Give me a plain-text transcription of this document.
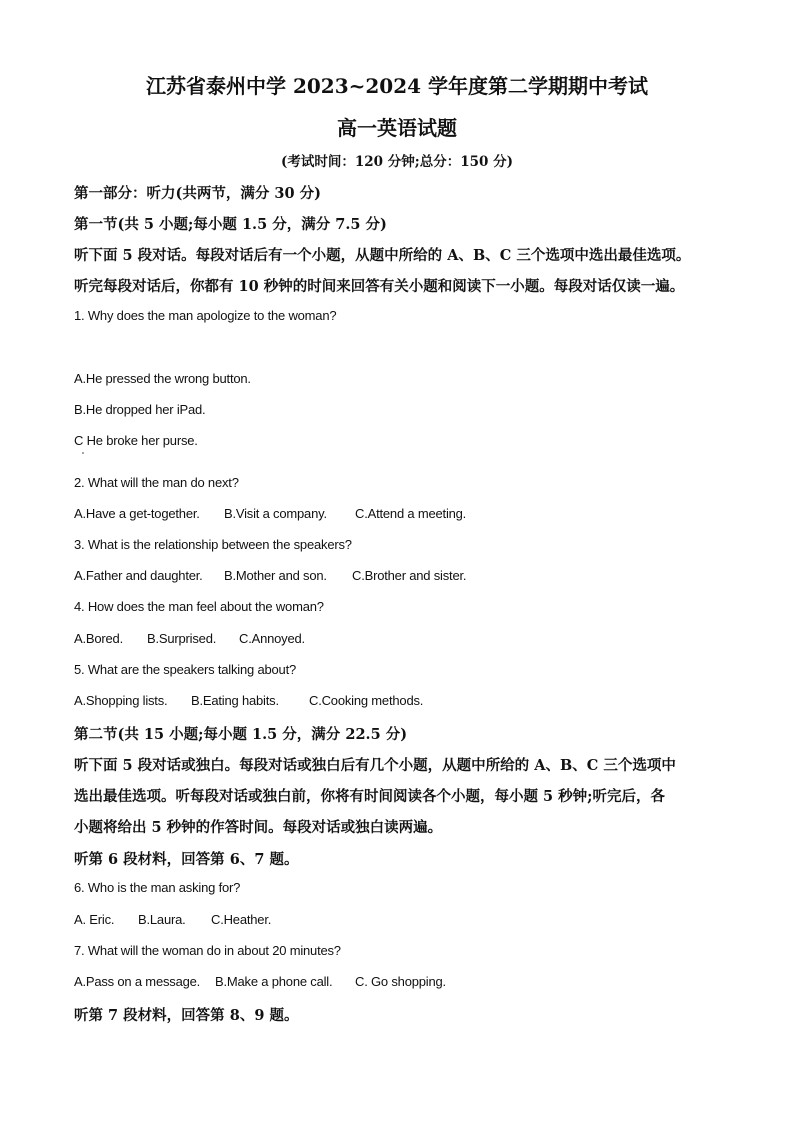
江苏省泰州中学 2023~2024 学年度第二学期期中考试
高一英语试题
(考试时间：120 分钟;总分：150 分)
第一部分：听力(共两节，满分 30 分)
第一节(共 5 小题;每小题 1.5 分，满分 7.5 分)
听下面 5 段对话。每段对话后有一个小题，从题中所给的 A、B、C 三个选项中选出最佳选项。
听完每段对话后，你都有 10 秒钟的时间来回答有关小题和阅读下一小题。每段对话仅读一遍。
1. Why does the man apologize to the woman?
A.He pressed the wrong button.
B.He dropped her iPad.
C He broke her purse.
2. What will the man do next?
A.Have a get-together. B.Visit a company. C.Attend a meeting.
3. What is the relationship between the speakers?
A.Father and daughter. B.Mother and son. C.Brother and sister.
4. How does the man feel about the woman?
A.Bored. B.Surprised. C.Annoyed.
5. What are the speakers talking about?
A.Shopping lists. B.Eating habits. C.Cooking methods.
第二节(共 15 小题;每小题 1.5 分，满分 22.5 分)
听下面 5 段对话或独白。每段对话或独白后有几个小题，从题中所给的 A、B、C 三个选项中
选出最佳选项。听每段对话或独白前，你将有时间阅读各个小题，每小题 5 秒钟;听完后，各
小题将给出 5 秒钟的作答时间。每段对话或独白读两遍。
听第 6 段材料，回答第 6、7 题。
6. Who is the man asking for?
A. Eric. B.Laura. C.Heather.
7. What will the woman do in about 20 minutes?
A.Pass on a message. B.Make a phone call. C. Go shopping.
听第 7 段材料，回答第 8、9 题。
